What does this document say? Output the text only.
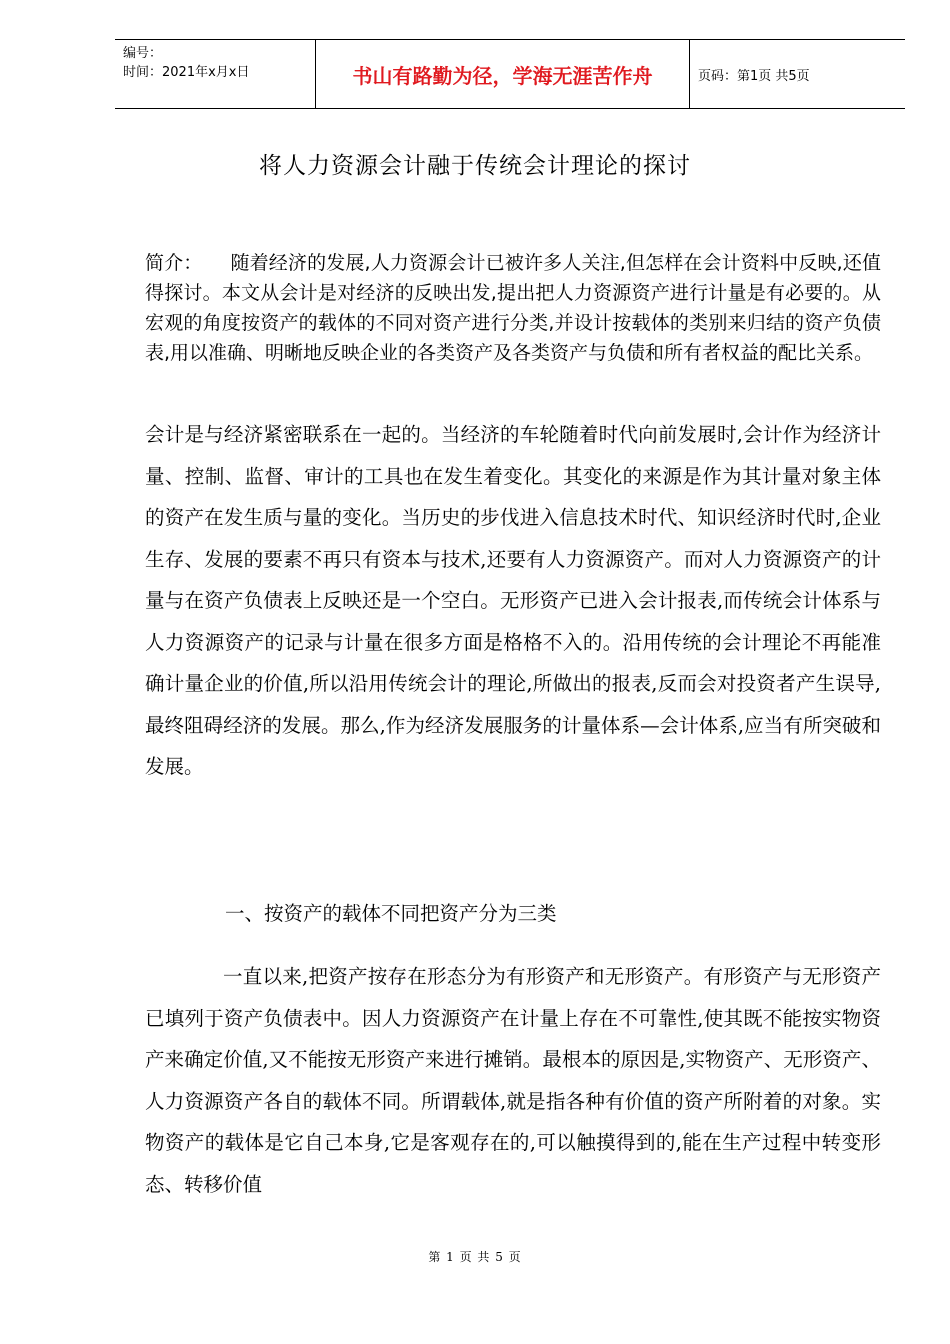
编号：
时间：2021年x月x日	书山有路勤为径，学海无涯苦作舟	页码：第1页 共5页
将人力资源会计融于传统会计理论的探讨
简介： 随着经济的发展,人力资源会计已被许多人关注,但怎样在会计资料中反映,还值得探讨。本文从会计是对经济的反映出发,提出把人力资源资产进行计量是有必要的。从宏观的角度按资产的载体的不同对资产进行分类,并设计按载体的类别来归结的资产负债表,用以准确、明晰地反映企业的各类资产及各类资产与负债和所有者权益的配比关系。

会计是与经济紧密联系在一起的。当经济的车轮随着时代向前发展时,会计作为经济计量、控制、监督、审计的工具也在发生着变化。其变化的来源是作为其计量对象主体的资产在发生质与量的变化。当历史的步伐进入信息技术时代、知识经济时代时,企业生存、发展的要素不再只有资本与技术,还要有人力资源资产。而对人力资源资产的计量与在资产负债表上反映还是一个空白。无形资产已进入会计报表,而传统会计体系与人力资源资产的记录与计量在很多方面是格格不入的。沿用传统的会计理论不再能准确计量企业的价值,所以沿用传统会计的理论,所做出的报表,反而会对投资者产生误导,最终阻碍经济的发展。那么,作为经济发展服务的计量体系—会计体系,应当有所突破和发展。

一、按资产的载体不同把资产分为三类

一直以来,把资产按存在形态分为有形资产和无形资产。有形资产与无形资产已填列于资产负债表中。因人力资源资产在计量上存在不可靠性,使其既不能按实物资产来确定价值,又不能按无形资产来进行摊销。最根本的原因是,实物资产、无形资产、人力资源资产各自的载体不同。所谓载体,就是指各种有价值的资产所附着的对象。实物资产的载体是它自己本身,它是客观存在的,可以触摸得到的,能在生产过程中转变形态、转移价值

第 1 页 共 5 页
